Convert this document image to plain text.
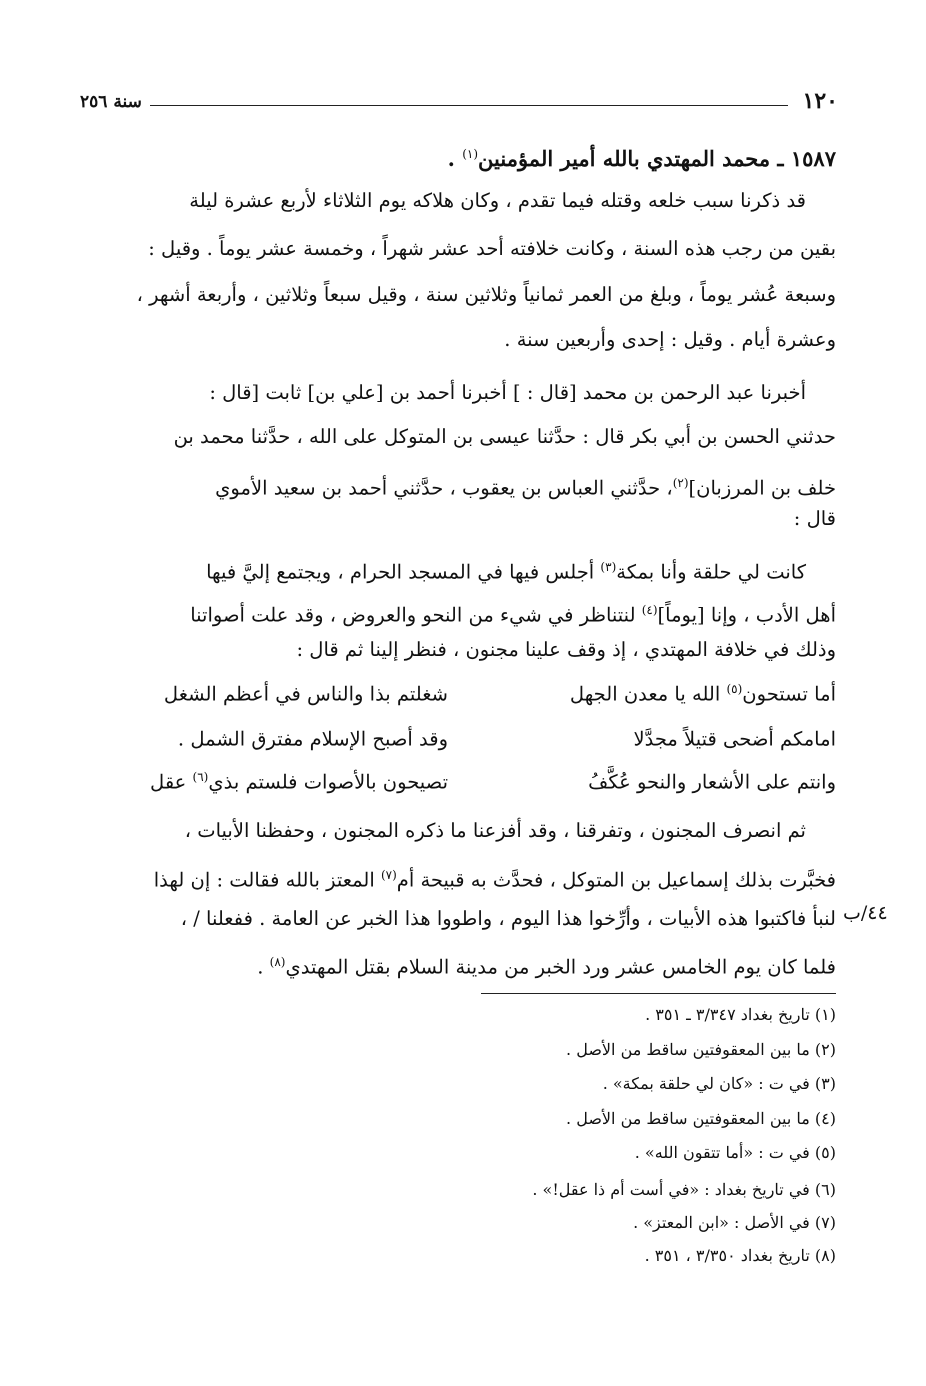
١٢٠
سنة ٢٥٦
١٥٨٧ ـ محمد المهتدي بالله أمير المؤمنين$^{(١)}$ .
قد ذكرنا سبب خلعه وقتله فيما تقدم ، وكان هلاكه يوم الثلاثاء لأربع عشرة ليلة
بقين من رجب هذه السنة ، وكانت خلافته أحد عشر شهراً ، وخمسة عشر يوماً . وقيل :
وسبعة عُشر يوماً ، وبلغ من العمر ثمانياً وثلاثين سنة ، وقيل سبعاً وثلاثين ، وأربعة أشهر ،
وعشرة أيام . وقيل : إحدى وأربعين سنة .
أخبرنا عبد الرحمن بن محمد [قال : ] أخبرنا أحمد بن [علي بن] ثابت [قال :
حدثني الحسن بن أبي بكر قال : حدَّثنا عيسى بن المتوكل على الله ، حدَّثنا محمد بن
خلف بن المرزبان]$^{(٢)}$، حدَّثني العباس بن يعقوب ، حدَّثني أحمد بن سعيد الأموي
قال :
كانت لي حلقة وأنا بمكة$^{(٣)}$ أجلس فيها في المسجد الحرام ، ويجتمع إليَّ فيها
أهل الأدب ، وإنا [يوماً]$^{(٤)}$ لنتناظر في شيء من النحو والعروض ، وقد علت أصواتنا
وذلك في خلافة المهتدي ، إذ وقف علينا مجنون ، فنظر إلينا ثم قال :
أما تستحون$^{(٥)}$ الله يا معدن الجهل
شغلتم بذا والناس في أعظم الشغل
امامكم أضحى قتيلاً مجدَّلا
وقد أصبح الإسلام مفترق الشمل .
وانتم على الأشعار والنحو عُكَّفُ
تصيحون بالأصوات فلستم بذي$^{(٦)}$ عقل
ثم انصرف المجنون ، وتفرقنا ، وقد أفزعنا ما ذكره المجنون ، وحفظنا الأبيات ،
فخبَّرت بذلك إسماعيل بن المتوكل ، فحدَّث به قبيحة أم$^{(٧)}$ المعتز بالله فقالت : إن لهذا
لنبأ فاكتبوا هذه الأبيات ، وأرِّخوا هذا اليوم ، واطووا هذا الخبر عن العامة . ففعلنا / ،
فلما كان يوم الخامس عشر ورد الخبر من مدينة السلام بقتل المهتدي$^{(٨)}$ .
٤٤/ب
(١) تاريخ بغداد ٣/٣٤٧ ـ ٣٥١ .
(٢) ما بين المعقوفتين ساقط من الأصل .
(٣) في ت : «كان لي حلقة بمكة» .
(٤) ما بين المعقوفتين ساقط من الأصل .
(٥) في ت : «أما تتقون الله» .
(٦) في تاريخ بغداد : «في أست أم ذا عقل!» .
(٧) في الأصل : «ابن المعتز» .
(٨) تاريخ بغداد ٣/٣٥٠ ، ٣٥١ .
